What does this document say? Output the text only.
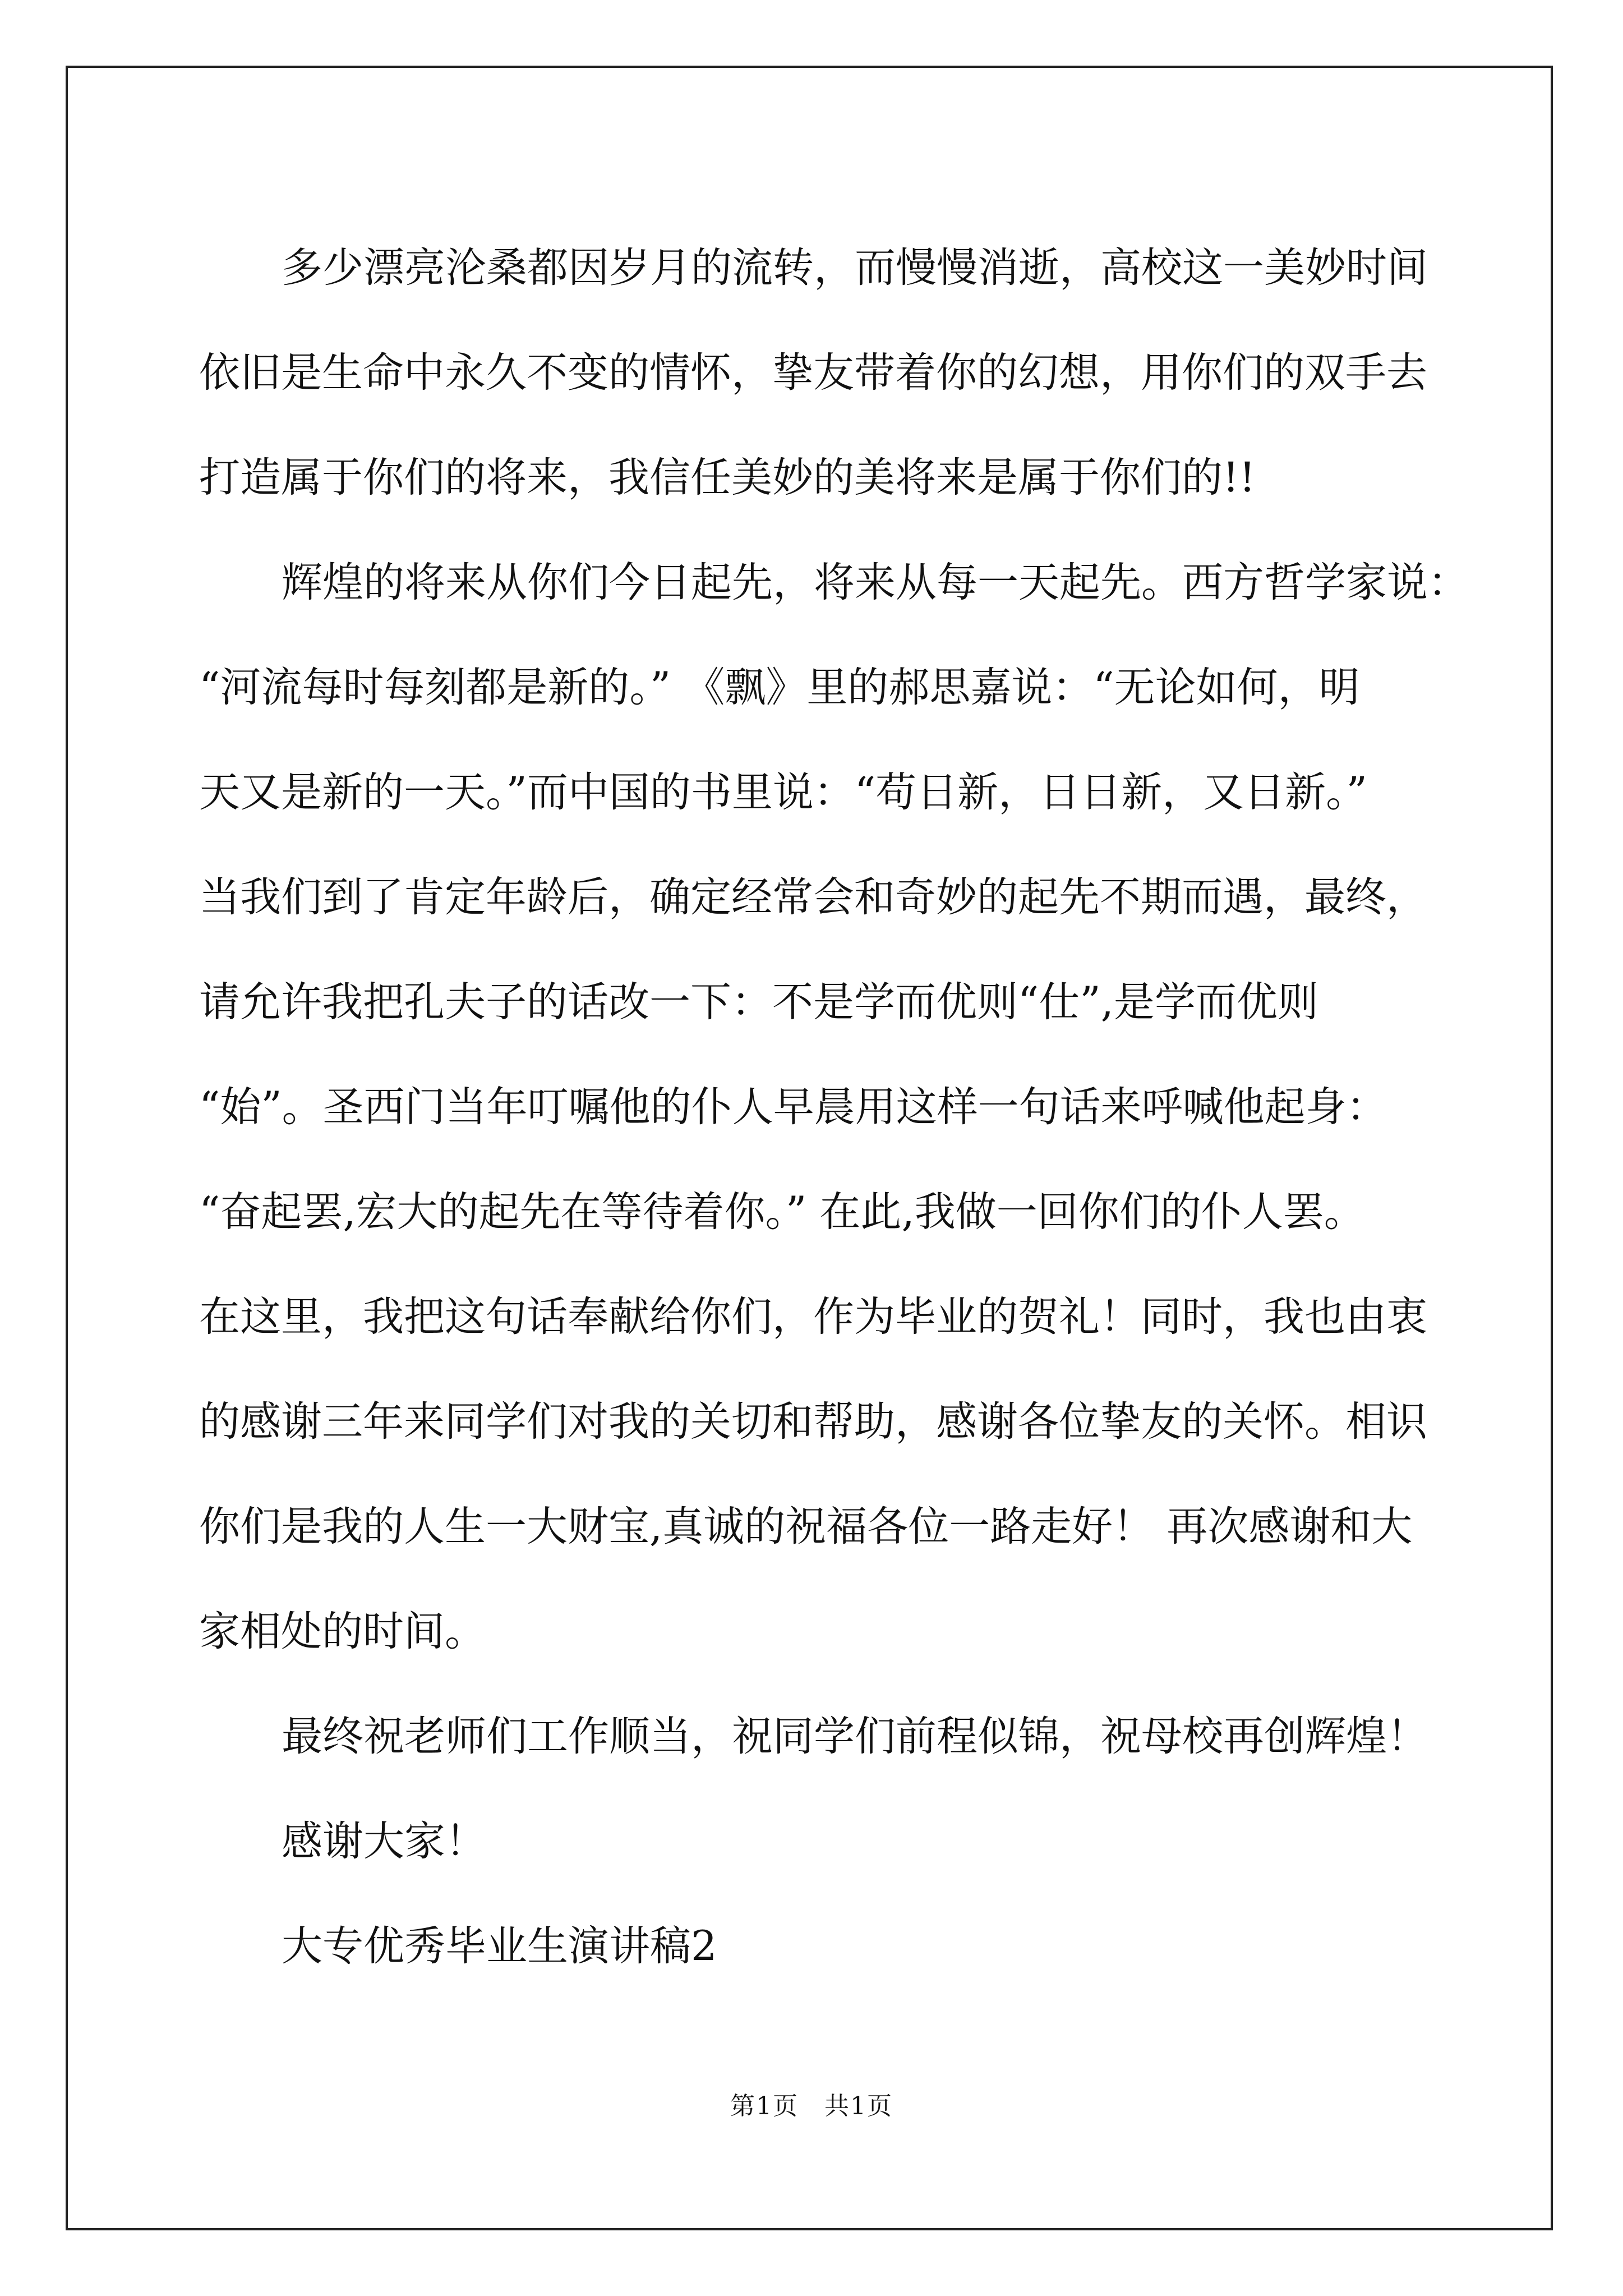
多少漂亮沦桑都因岁月的流转，而慢慢消逝，高校这一美妙时间
依旧是生命中永久不变的情怀，挚友带着你的幻想，用你们的双手去
打造属于你们的将来，我信任美妙的美将来是属于你们的!!
辉煌的将来从你们今日起先，将来从每一天起先。西方哲学家说：
“河流每时每刻都是新的。” 《飘》里的郝思嘉说：“无论如何，明
天又是新的一天。”而中国的书里说：“苟日新，日日新，又日新。”
当我们到了肯定年龄后，确定经常会和奇妙的起先不期而遇，最终，
请允许我把孔夫子的话改一下：不是学而优则“仕”,是学而优则
“始”。圣西门当年叮嘱他的仆人早晨用这样一句话来呼喊他起身：
“奋起罢,宏大的起先在等待着你。” 在此,我做一回你们的仆人罢。
在这里，我把这句话奉献给你们，作为毕业的贺礼！同时，我也由衷
的感谢三年来同学们对我的关切和帮助，感谢各位挚友的关怀。相识
你们是我的人生一大财宝,真诚的祝福各位一路走好！ 再次感谢和大
家相处的时间。
最终祝老师们工作顺当，祝同学们前程似锦，祝母校再创辉煌！
感谢大家！
大专优秀毕业生演讲稿2
第1页　共1页
